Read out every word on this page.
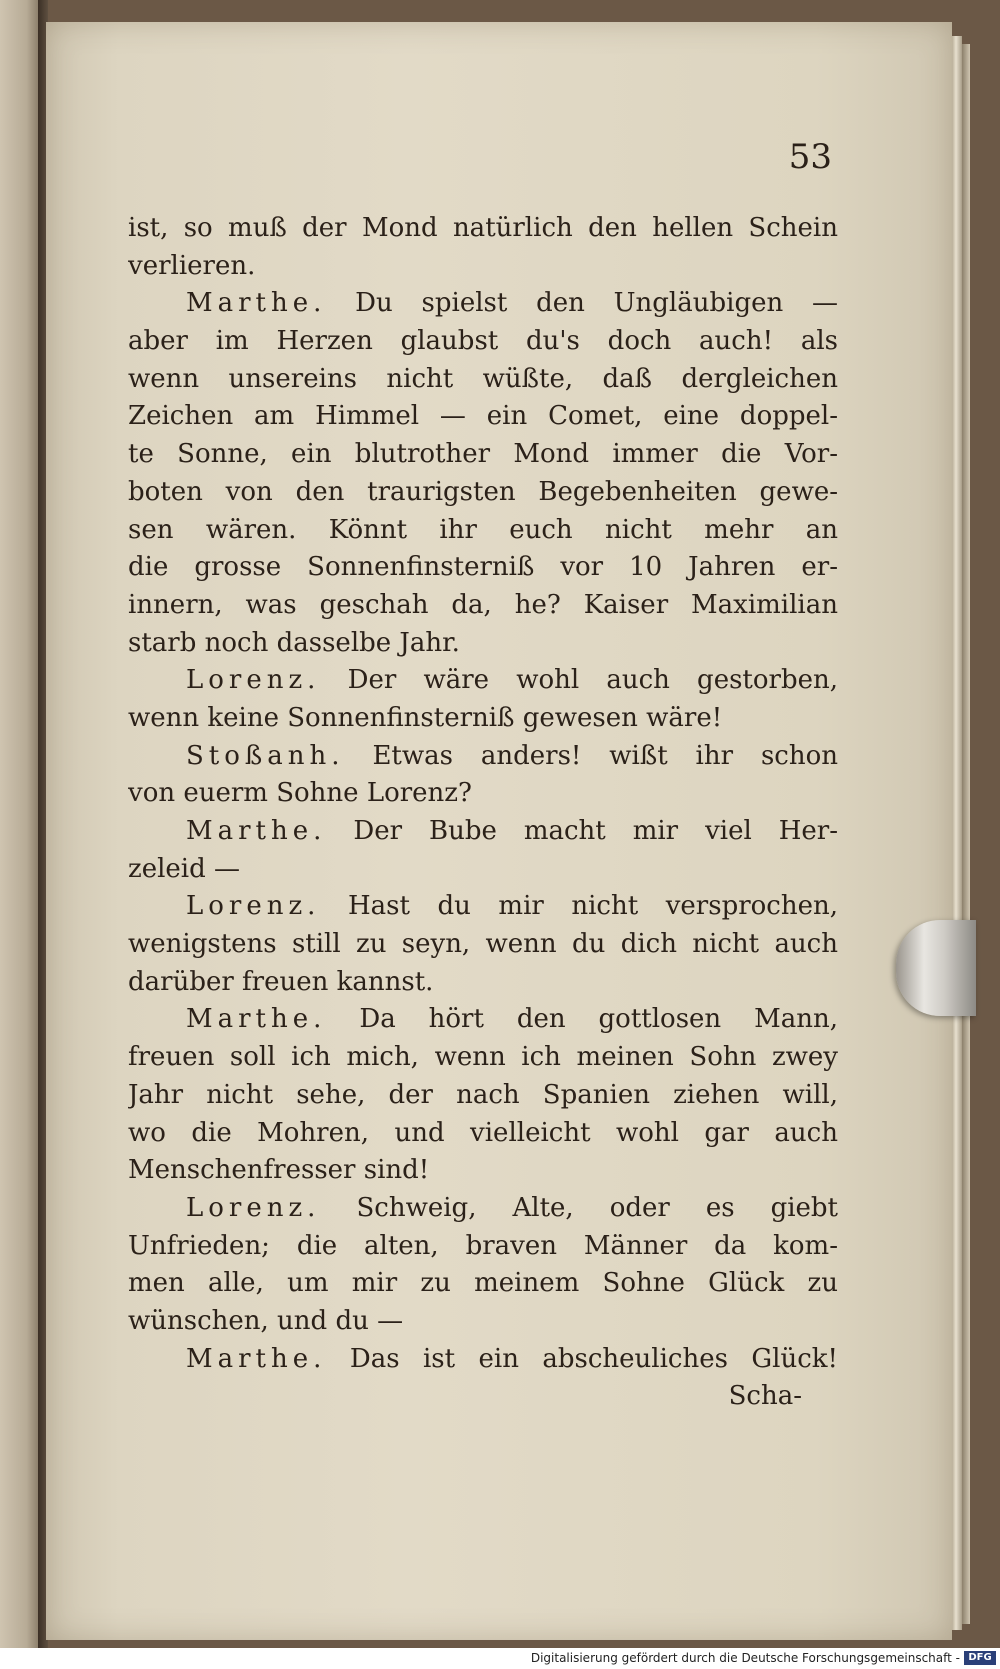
53
ist, so muß der Mond natürlich den hellen Schein
verlieren.
Marthe. Du spielst den Ungläubigen —
aber im Herzen glaubst du's doch auch! als
wenn unsereins nicht wüßte, daß dergleichen
Zeichen am Himmel — ein Comet, eine doppel-
te Sonne, ein blutrother Mond immer die Vor-
boten von den traurigsten Begebenheiten gewe-
sen wären. Könnt ihr euch nicht mehr an
die grosse Sonnenfinsterniß vor 10 Jahren er-
innern, was geschah da, he? Kaiser Maximilian
starb noch dasselbe Jahr.
Lorenz. Der wäre wohl auch gestorben,
wenn keine Sonnenfinsterniß gewesen wäre!
Stoßanh. Etwas anders! wißt ihr schon
von euerm Sohne Lorenz?
Marthe. Der Bube macht mir viel Her-
zeleid —
Lorenz. Hast du mir nicht versprochen,
wenigstens still zu seyn, wenn du dich nicht auch
darüber freuen kannst.
Marthe. Da hört den gottlosen Mann,
freuen soll ich mich, wenn ich meinen Sohn zwey
Jahr nicht sehe, der nach Spanien ziehen will,
wo die Mohren, und vielleicht wohl gar auch
Menschenfresser sind!
Lorenz. Schweig, Alte, oder es giebt
Unfrieden; die alten, braven Männer da kom-
men alle, um mir zu meinem Sohne Glück zu
wünschen, und du —
Marthe. Das ist ein abscheuliches Glück!
Scha-
Digitalisierung gefördert durch die Deutsche Forschungsgemeinschaft - DFG
